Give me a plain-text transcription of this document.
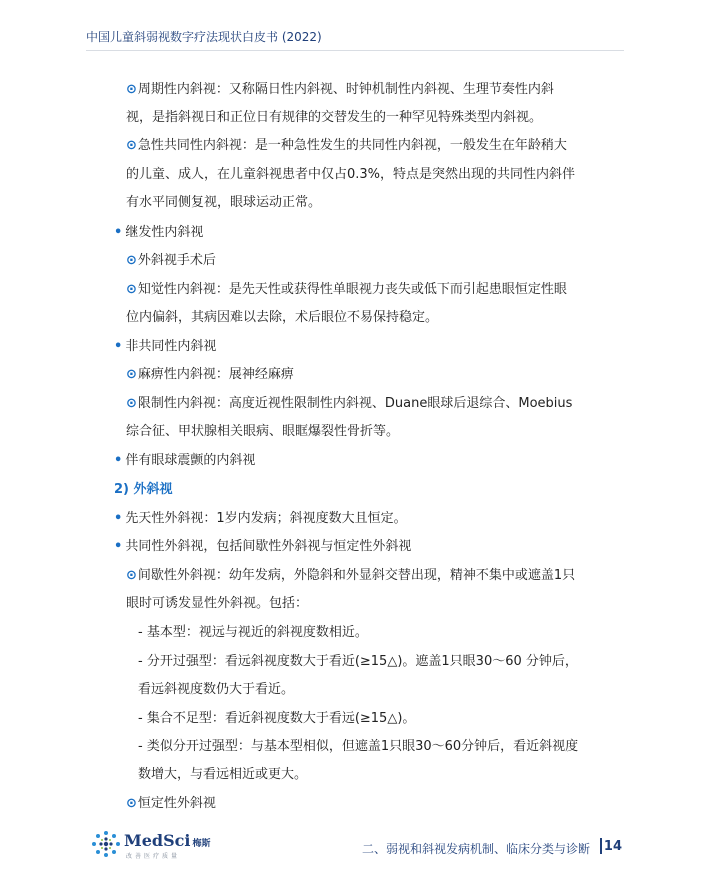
中国儿童斜弱视数字疗法现状白皮书 (2022)
⊙周期性内斜视：又称隔日性内斜视、时钟机制性内斜视、生理节奏性内斜
视，是指斜视日和正位日有规律的交替发生的一种罕见特殊类型内斜视。
⊙急性共同性内斜视：是一种急性发生的共同性内斜视，一般发生在年龄稍大
的儿童、成人，在儿童斜视患者中仅占0.3%，特点是突然出现的共同性内斜伴
有水平同侧复视，眼球运动正常。
• 继发性内斜视
⊙外斜视手术后
⊙知觉性内斜视：是先天性或获得性单眼视力丧失或低下而引起患眼恒定性眼
位内偏斜，其病因难以去除，术后眼位不易保持稳定。
• 非共同性内斜视
⊙麻痹性内斜视：展神经麻痹
⊙限制性内斜视：高度近视性限制性内斜视、Duane眼球后退综合、Moebius
综合征、甲状腺相关眼病、眼眶爆裂性骨折等。
• 伴有眼球震颤的内斜视
2) 外斜视
• 先天性外斜视：1岁内发病；斜视度数大且恒定。
• 共同性外斜视，包括间歇性外斜视与恒定性外斜视
⊙间歇性外斜视：幼年发病，外隐斜和外显斜交替出现，精神不集中或遮盖1只
眼时可诱发显性外斜视。包括：
- 基本型：视远与视近的斜视度数相近。
- 分开过强型：看远斜视度数大于看近(≥15△)。遮盖1只眼30～60 分钟后，
看远斜视度数仍大于看近。
- 集合不足型：看近斜视度数大于看远(≥15△)。
- 类似分开过强型：与基本型相似，但遮盖1只眼30～60分钟后，看近斜视度
数增大，与看远相近或更大。
⊙恒定性外斜视
MedSci 梅斯
改善医疗质量
二、弱视和斜视发病机制、临床分类与诊断 14
